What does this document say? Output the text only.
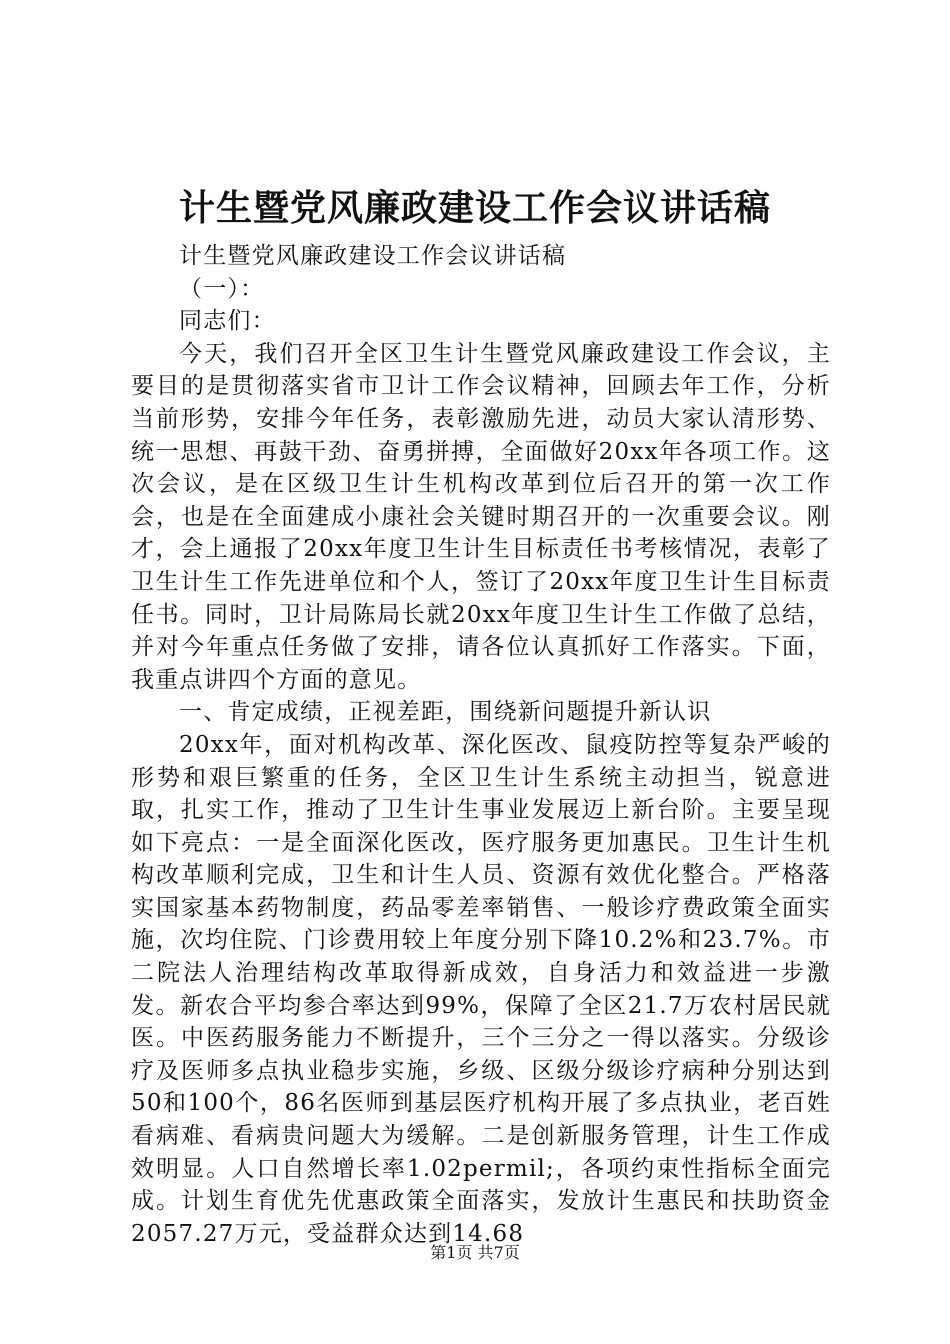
计生暨党风廉政建设工作会议讲话稿

计生暨党风廉政建设工作会议讲话稿

（一）：

同志们：

今天，我们召开全区卫生计生暨党风廉政建设工作会议，主要目的是贯彻落实省市卫计工作会议精神，回顾去年工作，分析当前形势，安排今年任务，表彰激励先进，动员大家认清形势、统一思想、再鼓干劲、奋勇拼搏，全面做好20xx年各项工作。这次会议，是在区级卫生计生机构改革到位后召开的第一次工作会，也是在全面建成小康社会关键时期召开的一次重要会议。刚才，会上通报了20xx年度卫生计生目标责任书考核情况，表彰了卫生计生工作先进单位和个人，签订了20xx年度卫生计生目标责任书。同时，卫计局陈局长就20xx年度卫生计生工作做了总结，并对今年重点任务做了安排，请各位认真抓好工作落实。下面，我重点讲四个方面的意见。

一、肯定成绩，正视差距，围绕新问题提升新认识

20xx年，面对机构改革、深化医改、鼠疫防控等复杂严峻的形势和艰巨繁重的任务，全区卫生计生系统主动担当，锐意进取，扎实工作，推动了卫生计生事业发展迈上新台阶。主要呈现如下亮点：一是全面深化医改，医疗服务更加惠民。卫生计生机构改革顺利完成，卫生和计生人员、资源有效优化整合。严格落实国家基本药物制度，药品零差率销售、一般诊疗费政策全面实施，次均住院、门诊费用较上年度分别下降10.2%和23.7%。市二院法人治理结构改革取得新成效，自身活力和效益进一步激发。新农合平均参合率达到99%，保障了全区21.7万农村居民就医。中医药服务能力不断提升，三个三分之一得以落实。分级诊疗及医师多点执业稳步实施，乡级、区级分级诊疗病种分别达到50和100个，86名医师到基层医疗机构开展了多点执业，老百姓看病难、看病贵问题大为缓解。二是创新服务管理，计生工作成效明显。人口自然增长率1.02permil;，各项约束性指标全面完成。计划生育优先优惠政策全面落实，发放计生惠民和扶助资金2057.27万元，受益群众达到14.68

第1页 共7页
